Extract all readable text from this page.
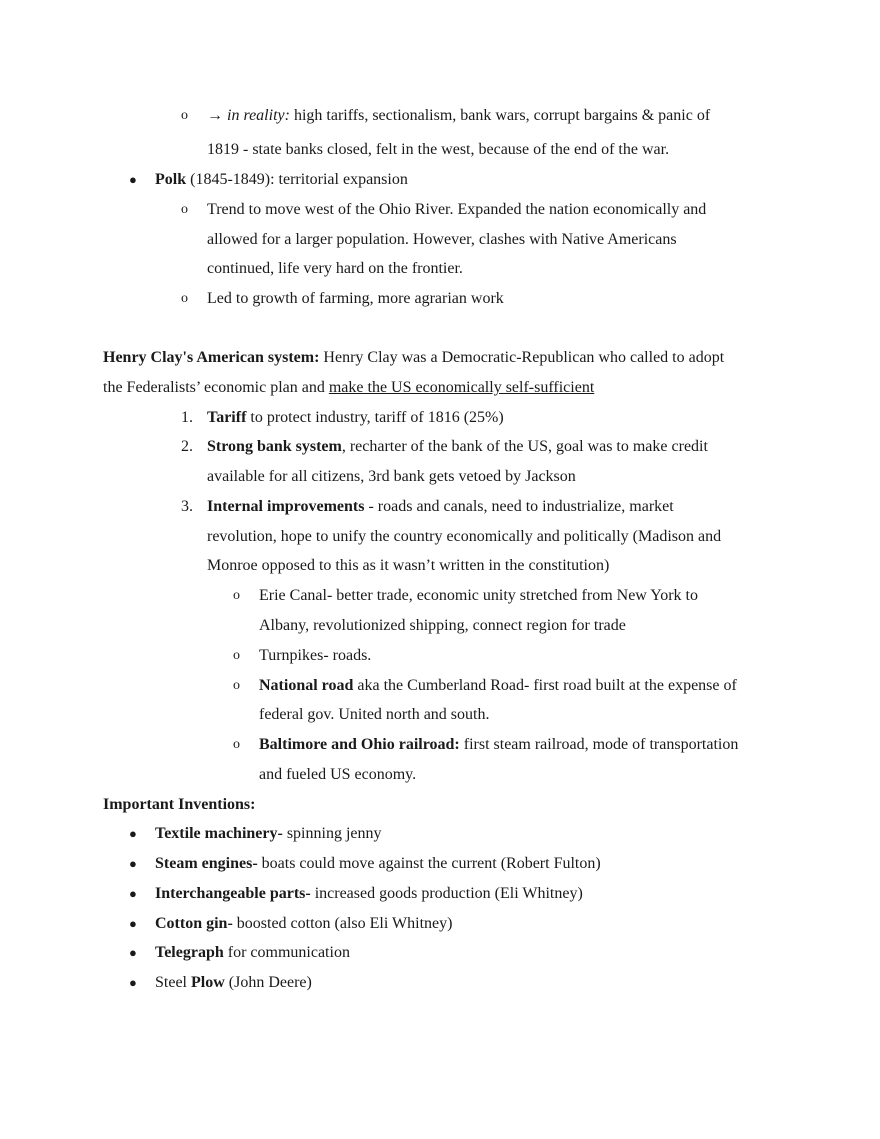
o → in reality: high tariffs, sectionalism, bank wars, corrupt bargains & panic of
1819 - state banks closed, felt in the west, because of the end of the war.
● Polk (1845-1849): territorial expansion
o Trend to move west of the Ohio River. Expanded the nation economically and
allowed for a larger population. However, clashes with Native Americans
continued, life very hard on the frontier.
o Led to growth of farming, more agrarian work
Henry Clay's American system: Henry Clay was a Democratic-Republican who called to adopt
the Federalists’ economic plan and make the US economically self-sufficient
1. Tariff to protect industry, tariff of 1816 (25%)
2. Strong bank system, recharter of the bank of the US, goal was to make credit
available for all citizens, 3rd bank gets vetoed by Jackson
3. Internal improvements - roads and canals, need to industrialize, market
revolution, hope to unify the country economically and politically (Madison and
Monroe opposed to this as it wasn’t written in the constitution)
o Erie Canal- better trade, economic unity stretched from New York to
Albany, revolutionized shipping, connect region for trade
o Turnpikes- roads.
o National road aka the Cumberland Road- first road built at the expense of
federal gov. United north and south.
o Baltimore and Ohio railroad: first steam railroad, mode of transportation
and fueled US economy.
Important Inventions:
● Textile machinery- spinning jenny
● Steam engines- boats could move against the current (Robert Fulton)
● Interchangeable parts- increased goods production (Eli Whitney)
● Cotton gin- boosted cotton (also Eli Whitney)
● Telegraph for communication
● Steel Plow (John Deere)
